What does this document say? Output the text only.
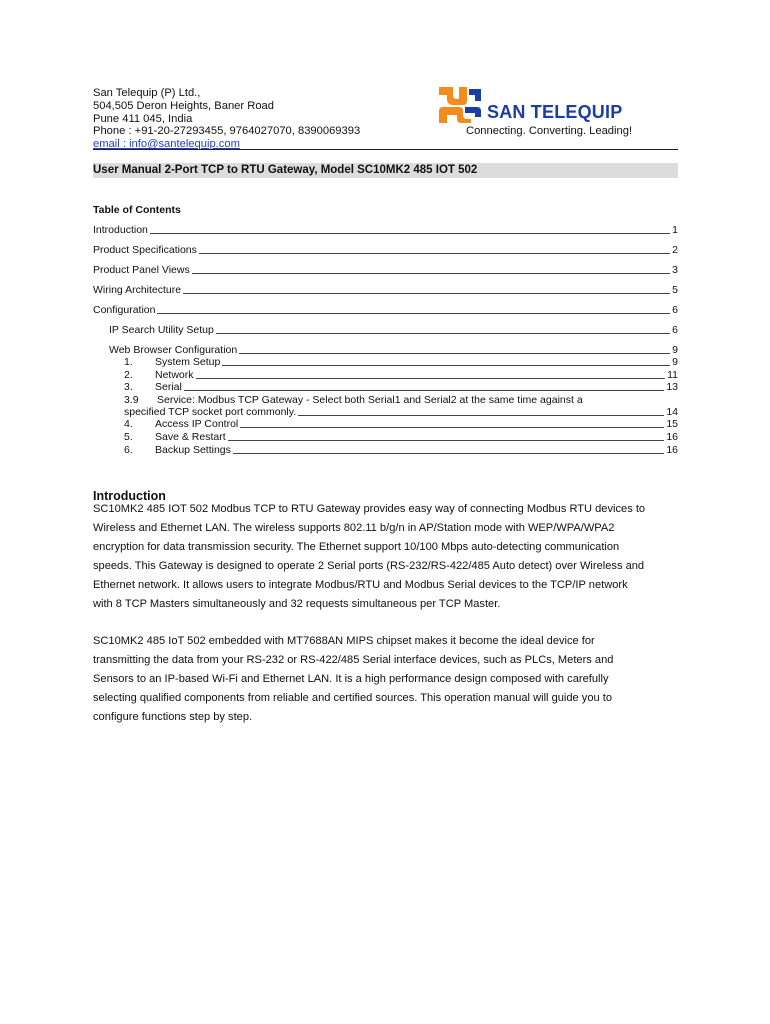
San Telequip (P) Ltd.,
504,505 Deron Heights, Baner Road
Pune 411 045, India
Phone : +91-20-27293455, 9764027070, 8390069393
email : info@santelequip.com
SAN TELEQUIP
Connecting. Converting. Leading!
User Manual 2-Port TCP to RTU Gateway, Model SC10MK2 485 IOT 502
Table of Contents
Introduction	1
Product Specifications	2
Product Panel Views	3
Wiring Architecture	5
Configuration	6
IP Search Utility Setup	6
Web Browser Configuration	9
1.	System Setup	9
2.	Network	11
3.	Serial	13
3.9	Service: Modbus TCP Gateway - Select both Serial1 and Serial2 at the same time against a
specified TCP socket port commonly.	14
4.	Access IP Control	15
5.	Save & Restart	16
6.	Backup Settings	16
Introduction
SC10MK2 485 IOT 502 Modbus TCP to RTU Gateway provides easy way of connecting Modbus RTU devices to
Wireless and Ethernet LAN. The wireless supports 802.11 b/g/n in AP/Station mode with WEP/WPA/WPA2
encryption for data transmission security. The Ethernet support 10/100 Mbps auto-detecting communication
speeds. This Gateway is designed to operate 2 Serial ports (RS-232/RS-422/485 Auto detect) over Wireless and
Ethernet network. It allows users to integrate Modbus/RTU and Modbus Serial devices to the TCP/IP network
with 8 TCP Masters simultaneously and 32 requests simultaneous per TCP Master.
SC10MK2 485 IoT 502 embedded with MT7688AN MIPS chipset makes it become the ideal device for
transmitting the data from your RS-232 or RS-422/485 Serial interface devices, such as PLCs, Meters and
Sensors to an IP-based Wi-Fi and Ethernet LAN. It is a high performance design composed with carefully
selecting qualified components from reliable and certified sources. This operation manual will guide you to
configure functions step by step.
